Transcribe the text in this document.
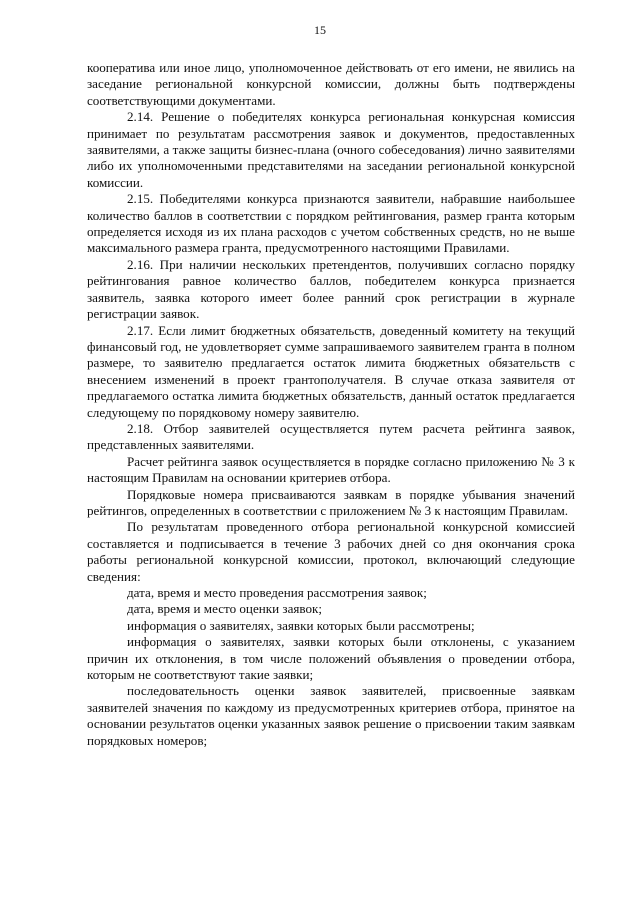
15

кооператива или иное лицо, уполномоченное действовать от его имени, не явились на заседание региональной конкурсной комиссии, должны быть подтверждены соответствующими документами.

2.14. Решение о победителях конкурса региональная конкурсная комиссия принимает по результатам рассмотрения заявок и документов, предоставленных заявителями, а также защиты бизнес-плана (очного собеседования) лично заявителями либо их уполномоченными представителями на заседании региональной конкурсной комиссии.

2.15. Победителями конкурса признаются заявители, набравшие наибольшее количество баллов в соответствии с порядком рейтингования, размер гранта которым определяется исходя из их плана расходов с учетом собственных средств, но не выше максимального размера гранта, предусмотренного настоящими Правилами.

2.16. При наличии нескольких претендентов, получивших согласно порядку рейтингования равное количество баллов, победителем конкурса признается заявитель, заявка которого имеет более ранний срок регистрации в журнале регистрации заявок.

2.17. Если лимит бюджетных обязательств, доведенный комитету на текущий финансовый год, не удовлетворяет сумме запрашиваемого заявителем гранта в полном размере, то заявителю предлагается остаток лимита бюджетных обязательств с внесением изменений в проект грантополучателя. В случае отказа заявителя от предлагаемого остатка лимита бюджетных обязательств, данный остаток предлагается следующему по порядковому номеру заявителю.

2.18. Отбор заявителей осуществляется путем расчета рейтинга заявок, представленных заявителями.

Расчет рейтинга заявок осуществляется в порядке согласно приложению № 3 к настоящим Правилам на основании критериев отбора.

Порядковые номера присваиваются заявкам в порядке убывания значений рейтингов, определенных в соответствии с приложением № 3 к настоящим Правилам.

По результатам проведенного отбора региональной конкурсной комиссией составляется и подписывается в течение 3 рабочих дней со дня окончания срока работы региональной конкурсной комиссии, протокол, включающий следующие сведения:

дата, время и место проведения рассмотрения заявок;

дата, время и место оценки заявок;

информация о заявителях, заявки которых были рассмотрены;

информация о заявителях, заявки которых были отклонены, с указанием причин их отклонения, в том числе положений объявления о проведении отбора, которым не соответствуют такие заявки;

последовательность оценки заявок заявителей, присвоенные заявкам заявителей значения по каждому из предусмотренных критериев отбора, принятое на основании результатов оценки указанных заявок решение о присвоении таким заявкам порядковых номеров;
